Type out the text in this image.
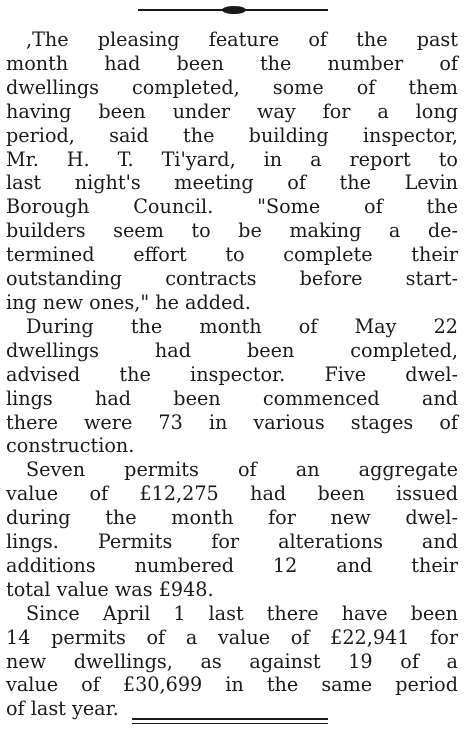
,The pleasing feature of the past
month had been the number of
dwellings completed, some of them
having been under way for a long
period, said the building inspector,
Mr. H. T. Ti'yard, in a report to
last night's meeting of the Levin
Borough Council. "Some of the
builders seem to be making a de-
termined effort to complete their
outstanding contracts before start-
ing new ones," he added.

During the month of May 22
dwellings had been completed,
advised the inspector. Five dwel-
lings had been commenced and
there were 73 in various stages of
construction.

Seven permits of an aggregate
value of £12,275 had been issued
during the month for new dwel-
lings. Permits for alterations and
additions numbered 12 and their
total value was £948.

Since April 1 last there have been
14 permits of a value of £22,941 for
new dwellings, as against 19 of a
value of £30,699 in the same period
of last year.
